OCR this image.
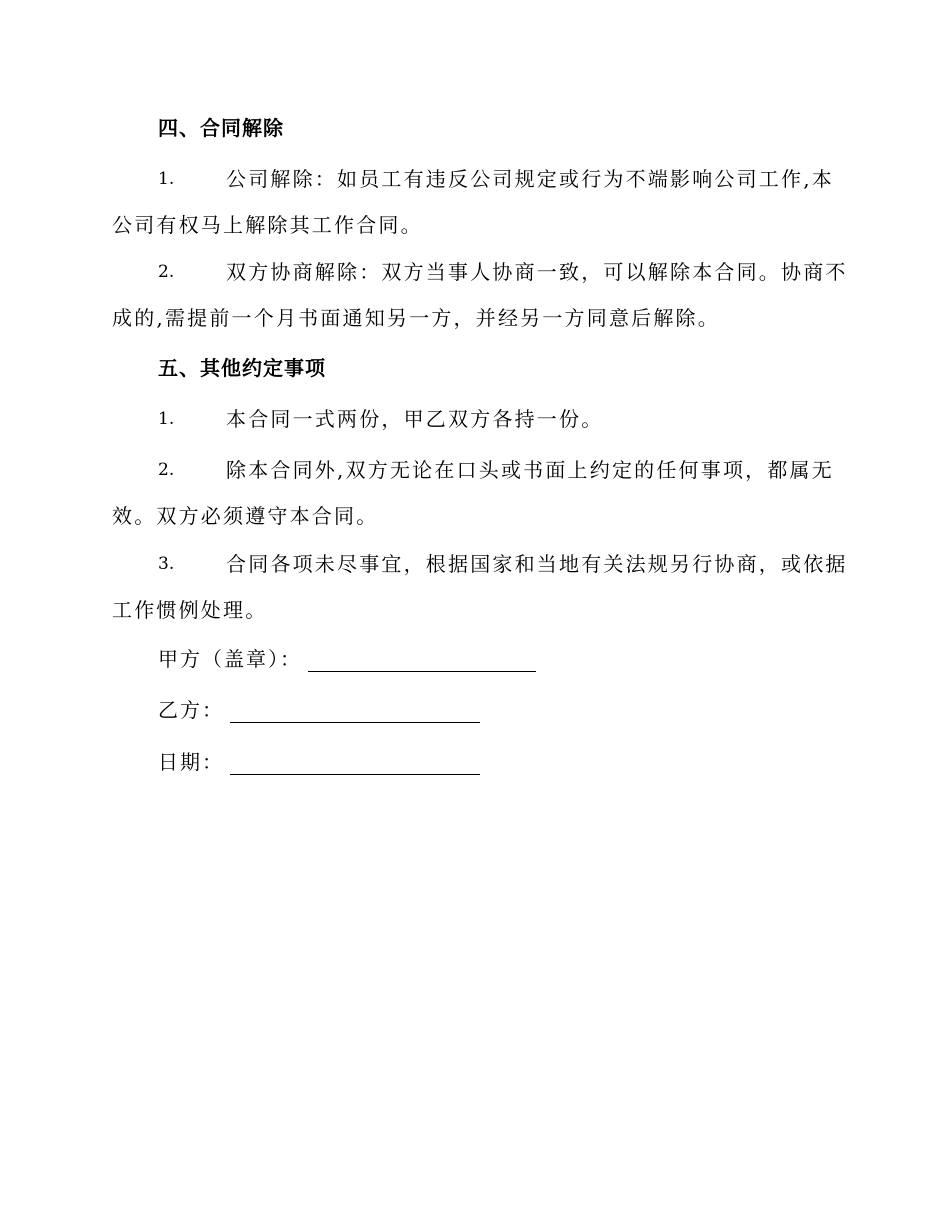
四、合同解除
1.	公司解除：如员工有违反公司规定或行为不端影响公司工作,本
公司有权马上解除其工作合同。
2.	双方协商解除：双方当事人协商一致，可以解除本合同。协商不
成的,需提前一个月书面通知另一方，并经另一方同意后解除。
五、其他约定事项
1.	本合同一式两份，甲乙双方各持一份。
2.	除本合同外,双方无论在口头或书面上约定的任何事项，都属无
效。双方必须遵守本合同。
3.	合同各项未尽事宜，根据国家和当地有关法规另行协商，或依据
工作惯例处理。
甲方（盖章）：
乙方：
日期：
